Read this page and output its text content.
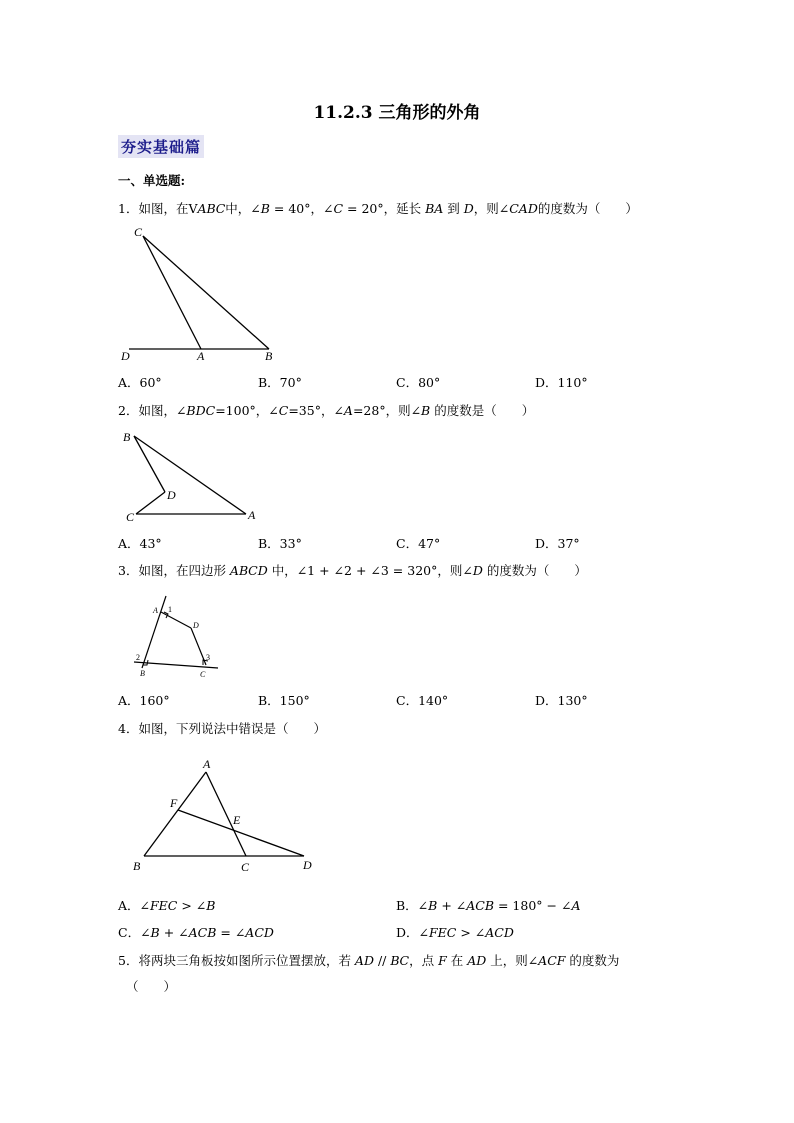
11.2.3 三角形的外角
夯实基础篇
一、单选题:
1．如图，在V𝐴𝐵𝐶中，∠𝐵 = 40°，∠𝐶 = 20°，延长 𝐵𝐴 到 𝐷，则∠𝐶𝐴𝐷的度数为（　　）
C
D	A	B
A．60°	B．70°	C．80°	D．110°
2．如图，∠𝐵𝐷𝐶=100°，∠𝐶=35°，∠𝐴=28°，则∠𝐵 的度数是（　　）
B
D
C	A
A．43°	B．33°	C．47°	D．37°
3．如图，在四边形 𝐴𝐵𝐶𝐷 中，∠1 + ∠2 + ∠3 = 320°，则∠𝐷 的度数为（　　）
A 1
D
2
B
3
C
A．160°	B．150°	C．140°	D．130°
4．如图，下列说法中错误是（　　）
A
F
E
B	C	D
A．∠𝐹𝐸𝐶 > ∠𝐵	B．∠𝐵 + ∠𝐴𝐶𝐵 = 180° − ∠𝐴
C．∠𝐵 + ∠𝐴𝐶𝐵 = ∠𝐴𝐶𝐷	D．∠𝐹𝐸𝐶 > ∠𝐴𝐶𝐷
5．将两块三角板按如图所示位置摆放，若 𝐴𝐷 // 𝐵𝐶，点 𝐹 在 𝐴𝐷 上，则∠𝐴𝐶𝐹 的度数为
（　　）
